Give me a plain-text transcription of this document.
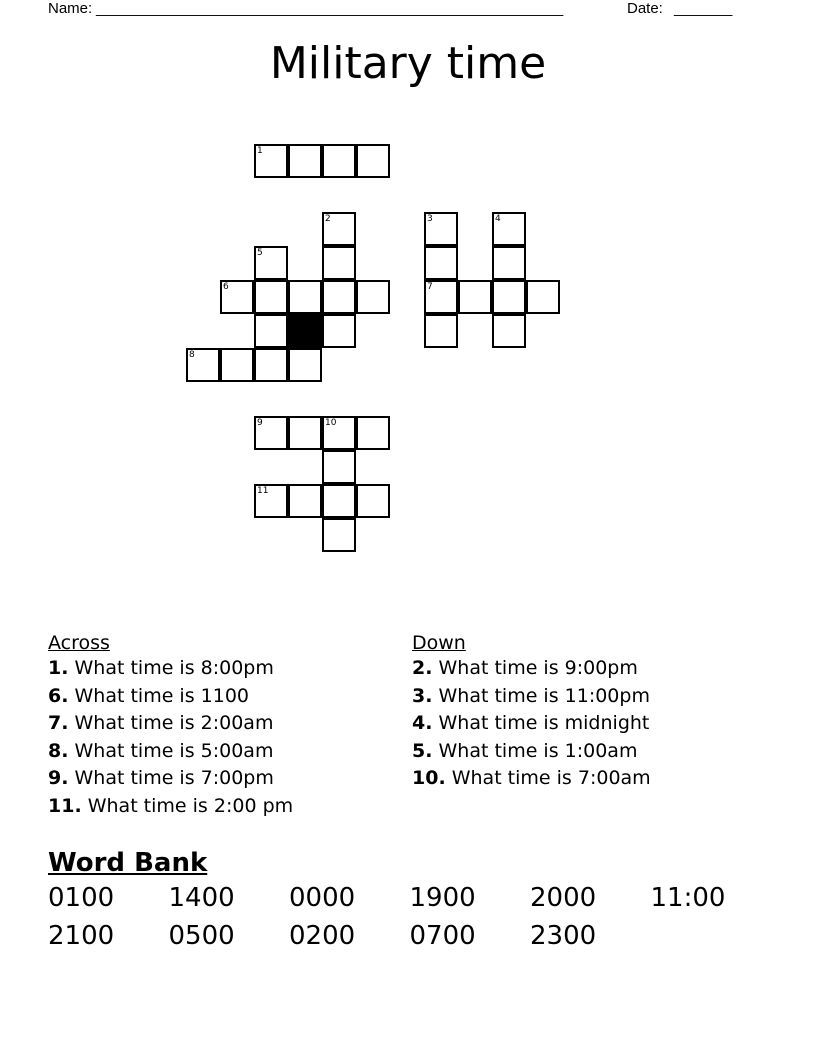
Name: ________________________________________________________	Date: _______
Military time
1
2	3	4
5
6	7
8
9	10
11
Across
1. What time is 8:00pm
6. What time is 1100
7. What time is 2:00am
8. What time is 5:00am
9. What time is 7:00pm
11. What time is 2:00 pm
Down
2. What time is 9:00pm
3. What time is 11:00pm
4. What time is midnight
5. What time is 1:00am
10. What time is 7:00am
Word Bank
0100 1400 0000 1900 2000 11:00
2100 0500 0200 0700 2300
